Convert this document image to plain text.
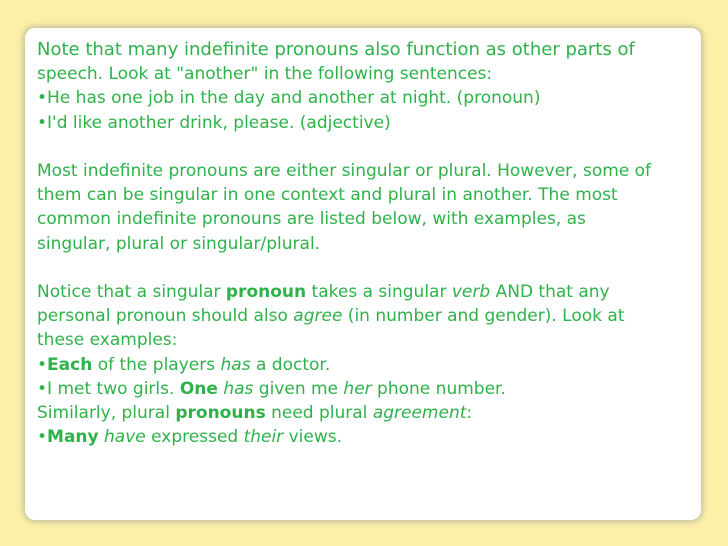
Note that many indefinite pronouns also function as other parts of
speech. Look at "another" in the following sentences:
•He has one job in the day and another at night. (pronoun)
•I'd like another drink, please. (adjective)
Most indefinite pronouns are either singular or plural. However, some of
them can be singular in one context and plural in another. The most
common indefinite pronouns are listed below, with examples, as
singular, plural or singular/plural.
Notice that a singular pronoun takes a singular verb AND that any
personal pronoun should also agree (in number and gender). Look at
these examples:
•Each of the players has a doctor.
•I met two girls. One has given me her phone number.
Similarly, plural pronouns need plural agreement:
•Many have expressed their views.
